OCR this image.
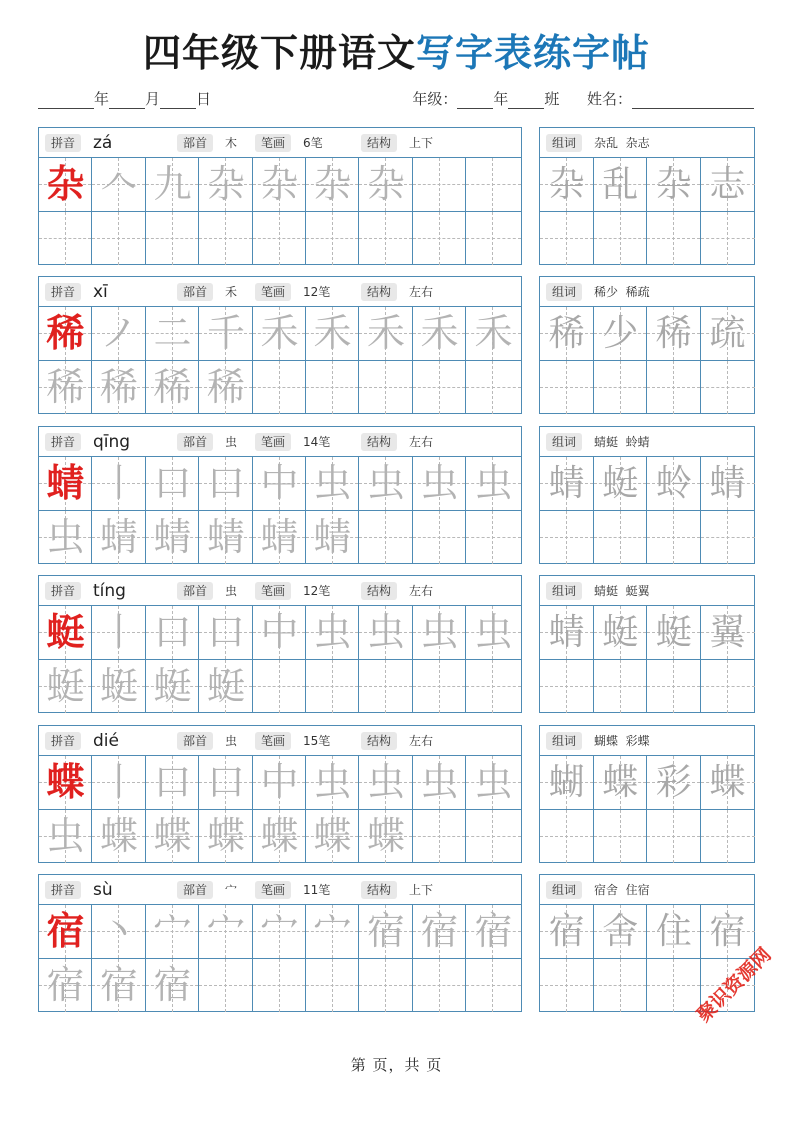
四年级下册语文写字表练字帖
年 月 日	年级： 年 班 姓名：
拼音	zá	部首	木	笔画	6笔	结构	上下
杂 𠆢 九 杂 杂 杂 杂
组词	杂乱  杂志
杂 乱 杂 志
拼音	xī	部首	禾	笔画	12笔	结构	左右
稀 ノ 二 千 禾 禾 禾 禾 禾
稀 稀 稀 稀
组词	稀少  稀疏
稀 少 稀 疏
拼音	qīng	部首	虫	笔画	14笔	结构	左右
蜻 丨 口 口 中 虫 虫 虫 虫
虫 蜻 蜻 蜻 蜻 蜻
组词	蜻蜓  蛉蜻
蜻 蜓 蛉 蜻
拼音	tíng	部首	虫	笔画	12笔	结构	左右
蜓 丨 口 口 中 虫 虫 虫 虫
蜓 蜓 蜓 蜓
组词	蜻蜓  蜓翼
蜻 蜓 蜓 翼
拼音	dié	部首	虫	笔画	15笔	结构	左右
蝶 丨 口 口 中 虫 虫 虫 虫
虫 蝶 蝶 蝶 蝶 蝶 蝶
组词	蝴蝶  彩蝶
蝴 蝶 彩 蝶
拼音	sù	部首	宀	笔画	11笔	结构	上下
宿 丶 宀 宀 宀 宀 宿 宿 宿
宿 宿 宿
组词	宿舍  住宿
宿 舍 住 宿
第 页，共 页
聚识资源网
